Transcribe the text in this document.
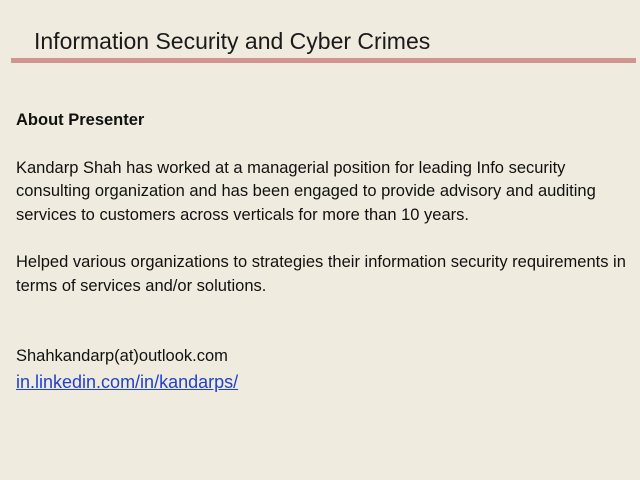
Information Security and Cyber Crimes

About Presenter

Kandarp Shah has worked at a managerial position for leading Info security consulting organization and has been engaged to provide advisory and auditing services to customers across verticals for more than 10 years.

Helped various organizations to strategies their information security requirements in terms of services and/or solutions.

Shahkandarp(at)outlook.com

in.linkedin.com/in/kandarps/
